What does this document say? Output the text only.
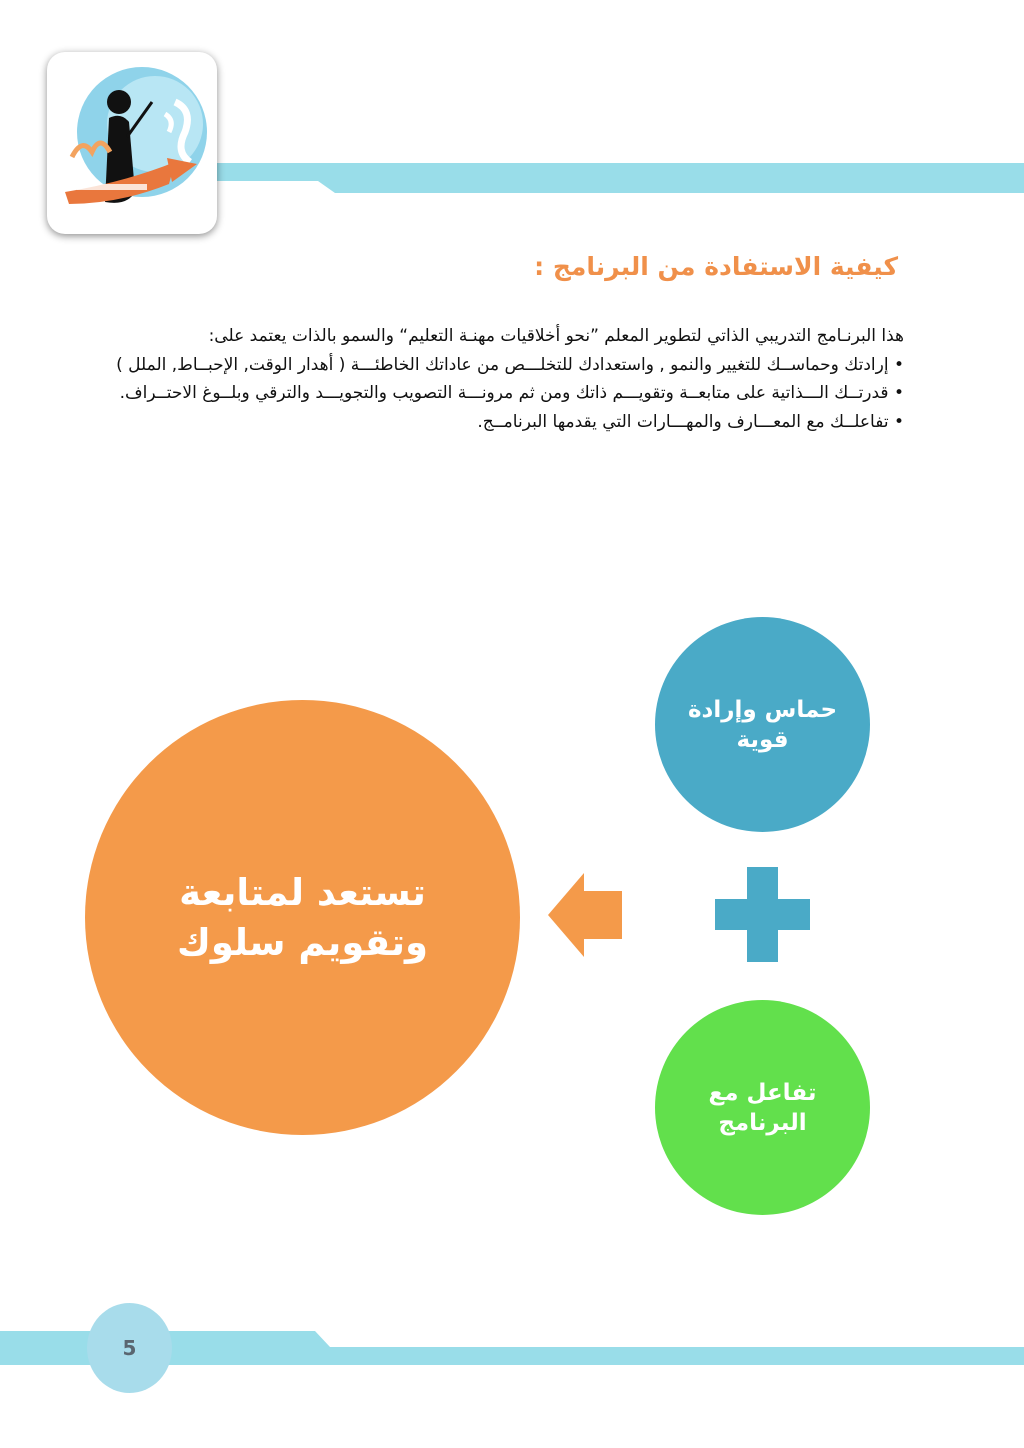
كيفية الاستفادة من البرنامج :

هذا البرنـامج التدريبي الذاتي لتطوير المعلم ”نحو أخلاقيات مهنـة التعليم“ والسمو بالذات يعتمد على:

• إرادتك وحماســك للتغيير والنمو , واستعدادك للتخلـــص من عاداتك الخاطئـــة ( أهدار الوقت, الإحبــاط, الملل )

• قدرتــك الـــذاتية على متابعــة وتقويـــم ذاتك ومن ثم مرونـــة التصويب والتجويـــد والترقي وبلــوغ الاحتــراف.

• تفاعلــك مع المعـــارف والمهـــارات التي يقدمها البرنامــج.

حماس وإرادة قوية
تفاعل مع البرنامج
تستعد لمتابعة وتقويم سلوك
5
